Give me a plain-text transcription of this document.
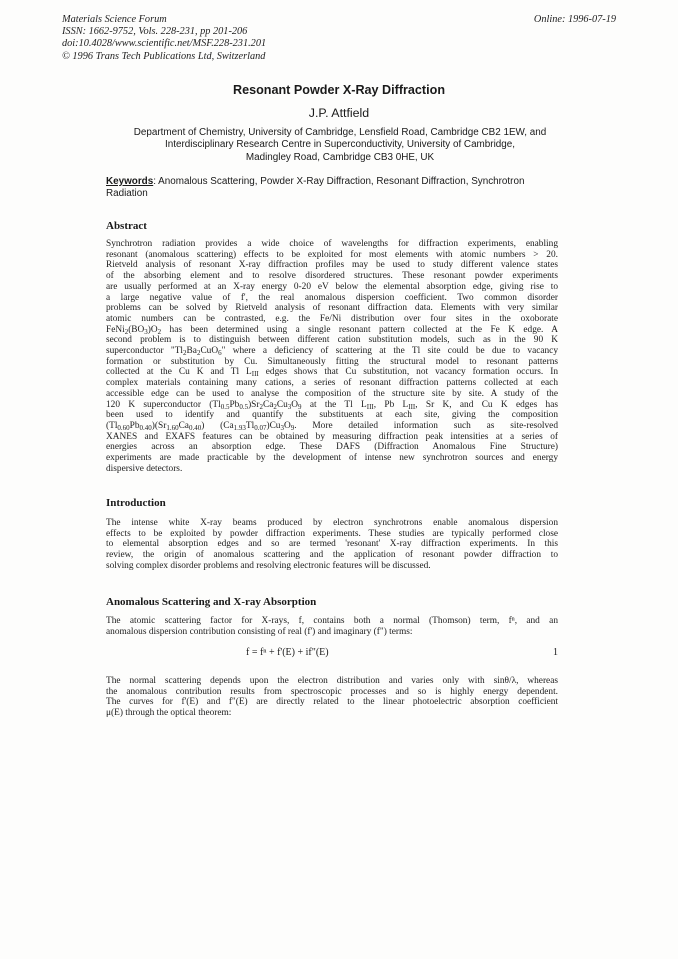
Materials Science Forum
ISSN: 1662-9752, Vols. 228-231, pp 201-206
doi:10.4028/www.scientific.net/MSF.228-231.201
© 1996 Trans Tech Publications Ltd, Switzerland
Online: 1996-07-19
Resonant Powder X-Ray Diffraction
J.P. Attfield
Department of Chemistry, University of Cambridge, Lensfield Road, Cambridge CB2 1EW, and
Interdisciplinary Research Centre in Superconductivity, University of Cambridge,
Madingley Road, Cambridge CB3 0HE, UK
Keywords: Anomalous Scattering, Powder X-Ray Diffraction, Resonant Diffraction, Synchrotron
Radiation
Abstract
Synchrotron radiation provides a wide choice of wavelengths for diffraction experiments, enabling
resonant (anomalous scattering) effects to be exploited for most elements with atomic numbers > 20.
Rietveld analysis of resonant X-ray diffraction profiles may be used to study different valence states
of the absorbing element and to resolve disordered structures. These resonant powder experiments
are usually performed at an X-ray energy 0-20 eV below the elemental absorption edge, giving rise to
a large negative value of f', the real anomalous dispersion coefficient. Two common disorder
problems can be solved by Rietveld analysis of resonant diffraction data. Elements with very similar
atomic numbers can be contrasted, e.g. the Fe/Ni distribution over four sites in the oxoborate
$FeNi_2(BO_3)O_2$ has been determined using a single resonant pattern collected at the Fe K edge. A
second problem is to distinguish between different cation substitution models, such as in the 90 K
superconductor "$Tl_2Ba_2CuO_6$" where a deficiency of scattering at the Tl site could be due to vacancy
formation or substitution by Cu. Simultaneously fitting the structural model to resonant patterns
collected at the Cu K and Tl $L_{III}$ edges shows that Cu substitution, not vacancy formation occurs. In
complex materials containing many cations, a series of resonant diffraction patterns collected at each
accessible edge can be used to analyse the composition of the structure site by site. A study of the
120 K superconductor $(Tl_{0.5}Pb_{0.5})Sr_2Ca_2Cu_3O_9$ at the Tl $L_{III}$, Pb $L_{III}$, Sr K, and Cu K edges has
been used to identify and quantify the substituents at each site, giving the composition
$(Tl_{0.60}Pb_{0.40})(Sr_{1.60}Ca_{0.40})$ $(Ca_{1.93}Tl_{0.07})Cu_3O_9$. More detailed information such as site-resolved
XANES and EXAFS features can be obtained by measuring diffraction peak intensities at a series of
energies across an absorption edge. These DAFS (Diffraction Anomalous Fine Structure)
experiments are made practicable by the development of intense new synchrotron sources and energy
dispersive detectors.
Introduction
The intense white X-ray beams produced by electron synchrotrons enable anomalous dispersion
effects to be exploited by powder diffraction experiments. These studies are typically performed close
to elemental absorption edges and so are termed 'resonant' X-ray diffraction experiments. In this
review, the origin of anomalous scattering and the application of resonant powder diffraction to
solving complex disorder problems and resolving electronic features will be discussed.
Anomalous Scattering and X-ray Absorption
The atomic scattering factor for X-rays, f, contains both a normal (Thomson) term, fⁿ, and an
anomalous dispersion contribution consisting of real (f') and imaginary (f") terms:
f = fⁿ + f'(E) + if"(E)	1
The normal scattering depends upon the electron distribution and varies only with sinθ/λ, whereas
the anomalous contribution results from spectroscopic processes and so is highly energy dependent.
The curves for f'(E) and f"(E) are directly related to the linear photoelectric absorption coefficient
μ(E) through the optical theorem:
